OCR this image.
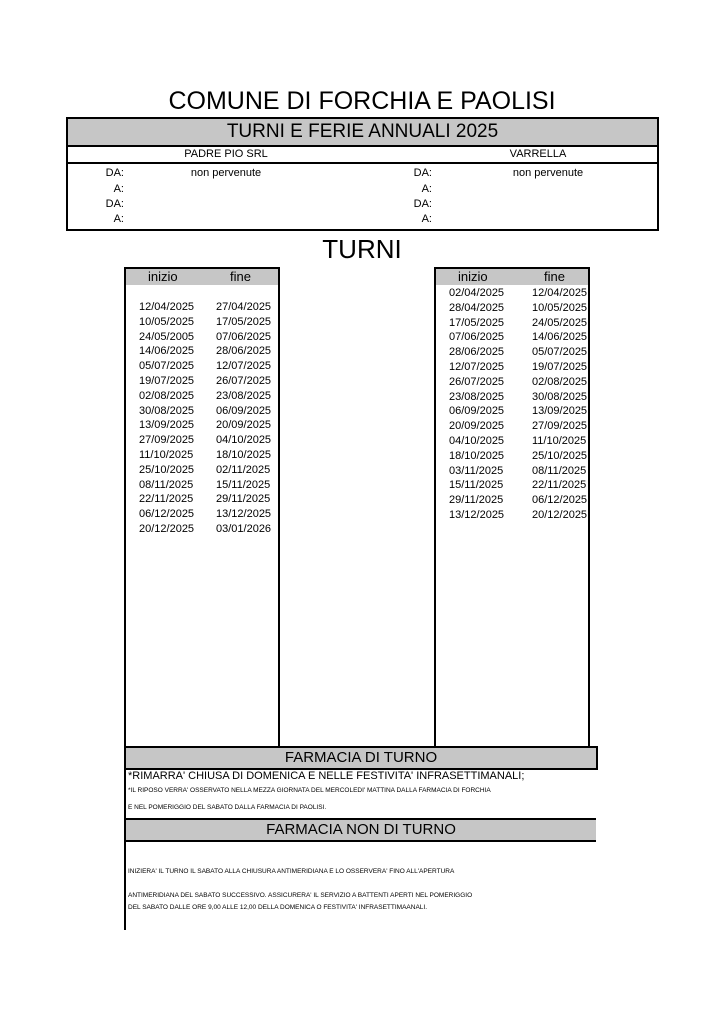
COMUNE DI FORCHIA E PAOLISI
TURNI E FERIE ANNUALI 2025
PADRE PIO SRL	VARRELLA
DA:	non pervenute
A:
DA:
A:
DA:	non pervenute
A:
DA:
A:
TURNI
inizio	fine
12/04/2025 27/04/2025
10/05/2025 17/05/2025
24/05/2005 07/06/2025
14/06/2025 28/06/2025
05/07/2025 12/07/2025
19/07/2025 26/07/2025
02/08/2025 23/08/2025
30/08/2025 06/09/2025
13/09/2025 20/09/2025
27/09/2025 04/10/2025
11/10/2025 18/10/2025
25/10/2025 02/11/2025
08/11/2025 15/11/2025
22/11/2025 29/11/2025
06/12/2025 13/12/2025
20/12/2025 03/01/2026
inizio	fine
02/04/2025	12/04/2025
28/04/2025	10/05/2025
17/05/2025	24/05/2025
07/06/2025	14/06/2025
28/06/2025	05/07/2025
12/07/2025	19/07/2025
26/07/2025	02/08/2025
23/08/2025	30/08/2025
06/09/2025	13/09/2025
20/09/2025	27/09/2025
04/10/2025	11/10/2025
18/10/2025	25/10/2025
03/11/2025	08/11/2025
15/11/2025	22/11/2025
29/11/2025	06/12/2025
13/12/2025	20/12/2025
FARMACIA DI TURNO
*RIMARRA' CHIUSA DI DOMENICA E NELLE FESTIVITA' INFRASETTIMANALI;
*IL RIPOSO VERRA' OSSERVATO NELLA MEZZA GIORNATA DEL MERCOLEDI' MATTINA DALLA FARMACIA DI FORCHIA
E NEL POMERIGGIO DEL SABATO DALLA FARMACIA DI PAOLISI.
FARMACIA NON DI TURNO
INIZIERA' IL TURNO IL SABATO ALLA CHIUSURA ANTIMERIDIANA E LO OSSERVERA' FINO ALL'APERTURA
ANTIMERIDIANA DEL SABATO SUCCESSIVO. ASSICURERA' IL SERVIZIO A BATTENTI APERTI NEL POMERIGGIO
DEL SABATO DALLE ORE 9,00 ALLE 12,00 DELLA DOMENICA O FESTIVITA' INFRASETTIMAANALI.
